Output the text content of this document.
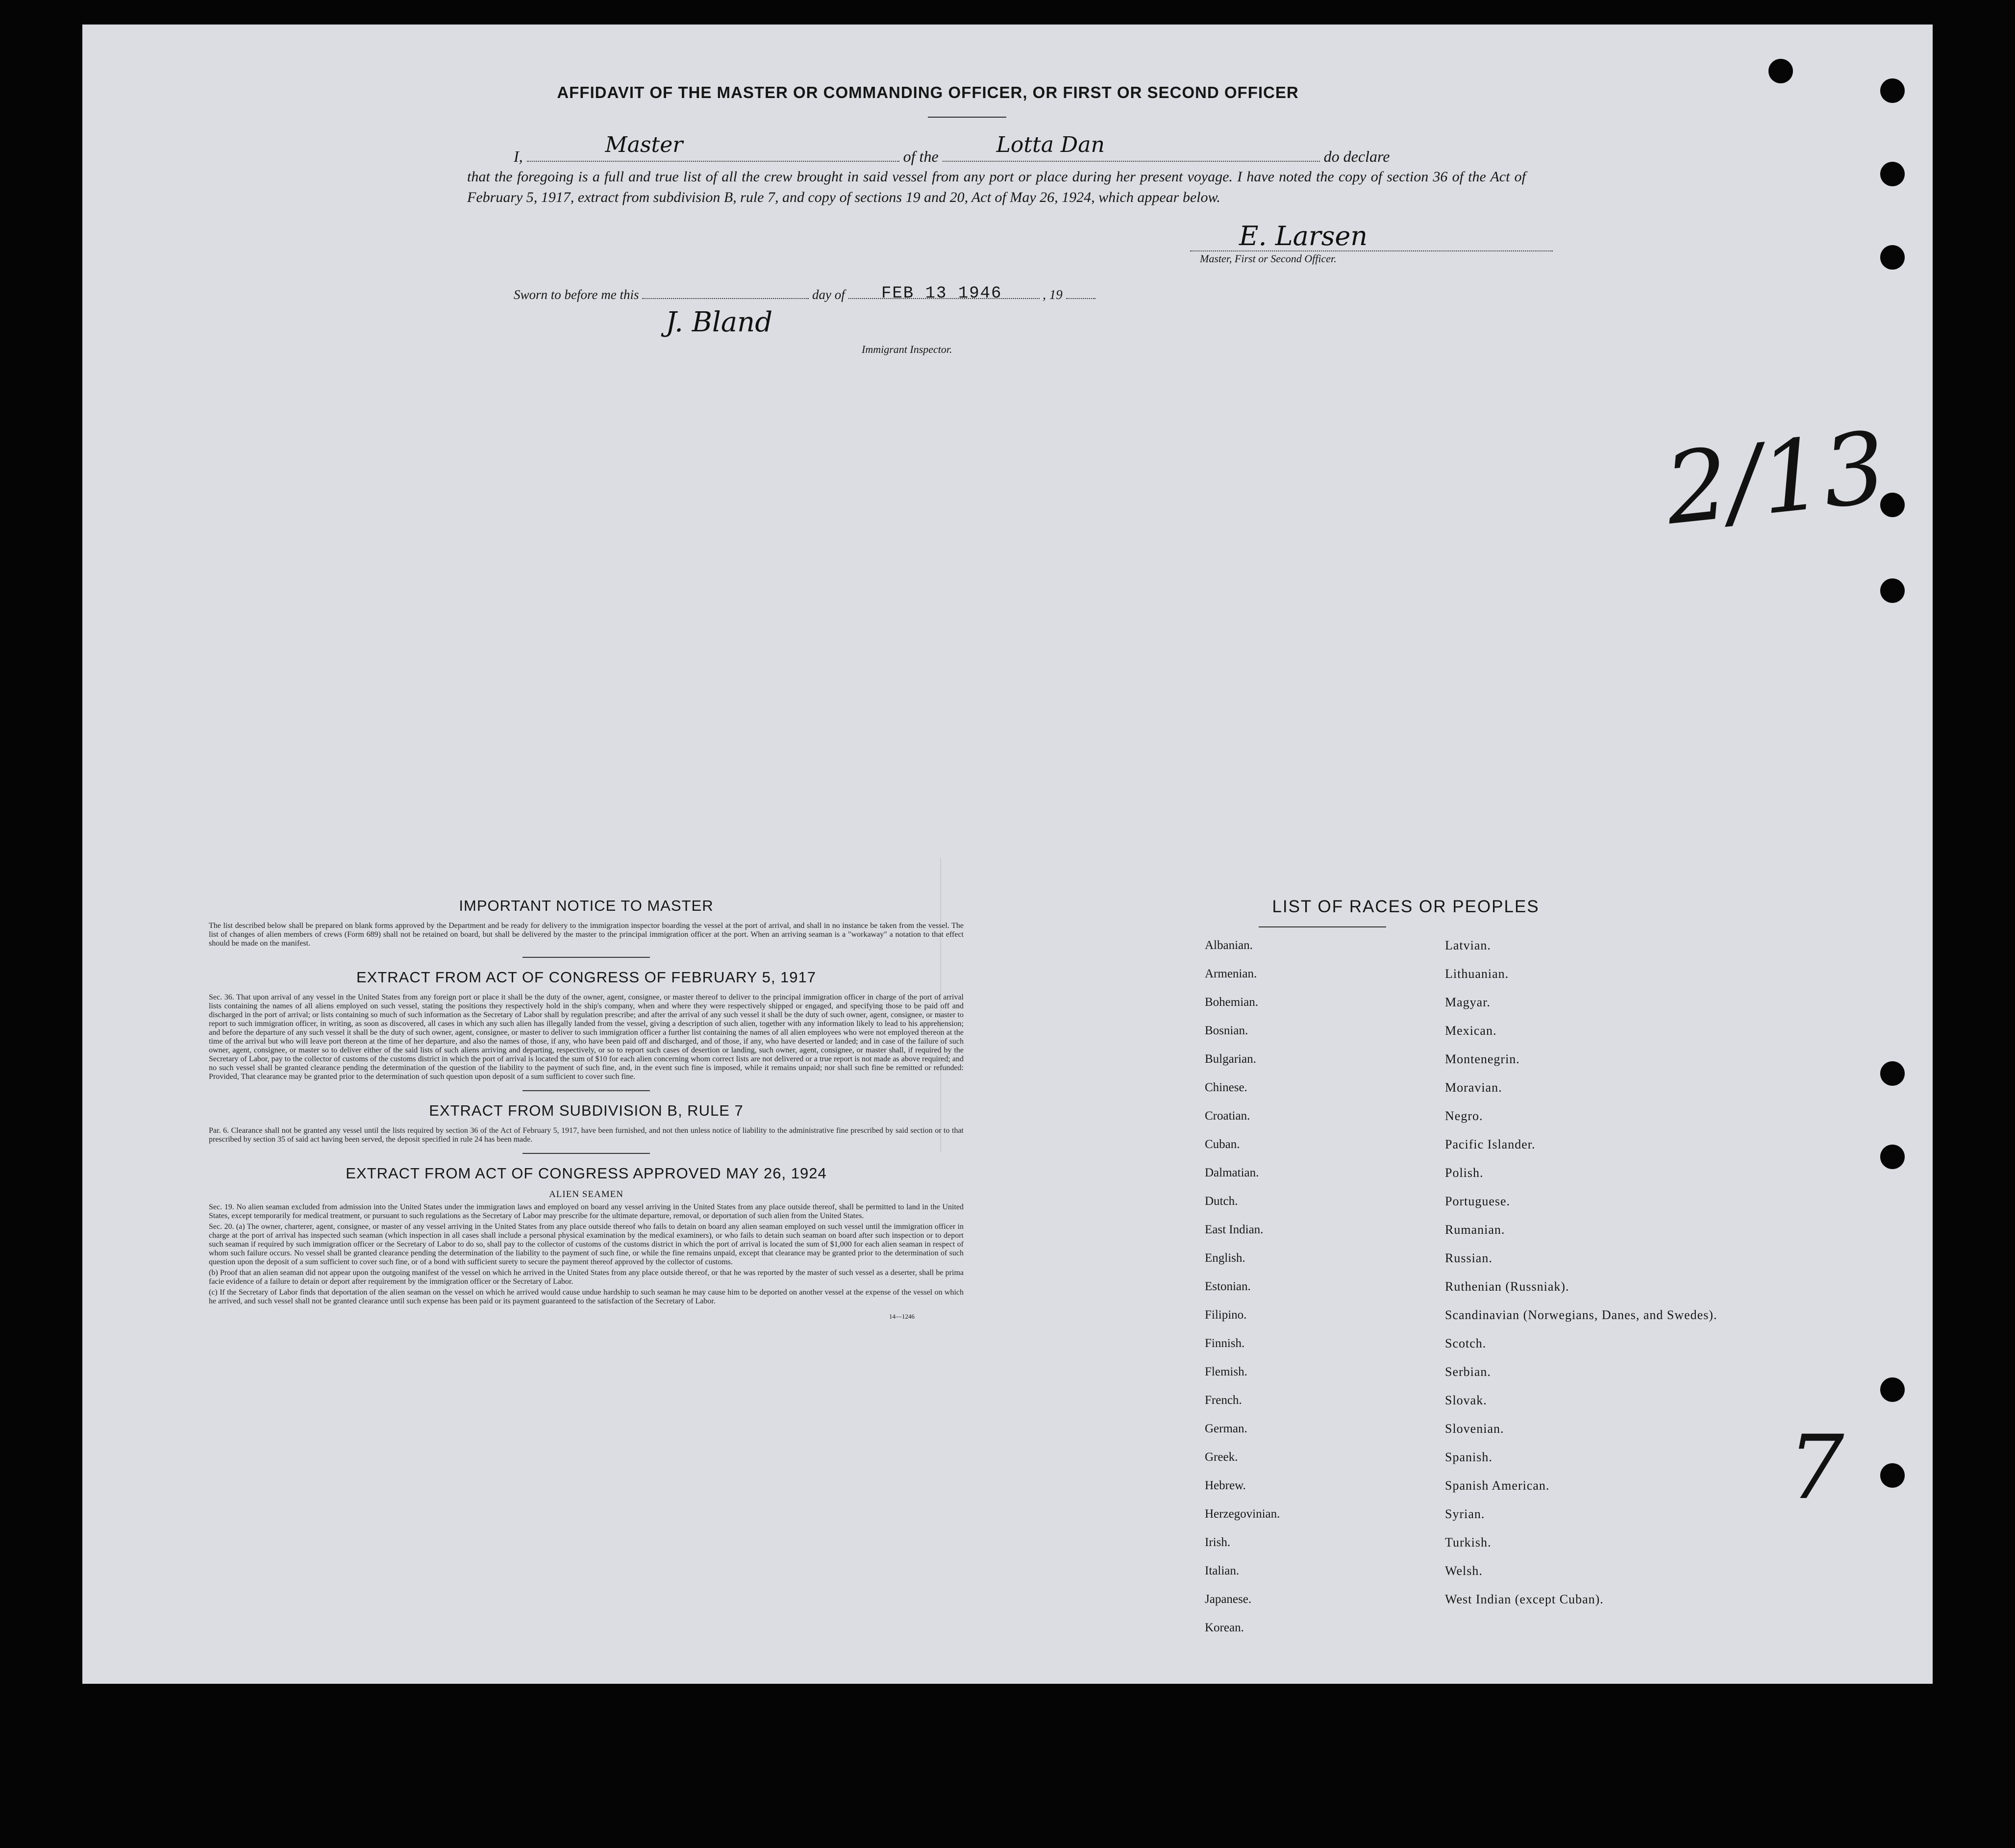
AFFIDAVIT OF THE MASTER OR COMMANDING OFFICER, OR FIRST OR SECOND OFFICER
I,	Master	of the	Lotta Dan	do declare

that the foregoing is a full and true list of all the crew brought in said vessel from any port or place during her present voyage. I have noted the copy of section 36 of the Act of February 5, 1917, extract from subdivision B, rule 7, and copy of sections 19 and 20, Act of May 26, 1924, which appear below.

E. Larsen
Master, First or Second Officer.
Sworn to before me this	day of	, 19
FEB 13 1946
J. Bland
Immigrant Inspector.
2/13
7
IMPORTANT NOTICE TO MASTER

The list described below shall be prepared on blank forms approved by the Department and be ready for delivery to the immigration inspector boarding the vessel at the port of arrival, and shall in no instance be taken from the vessel. The list of changes of alien members of crews (Form 689) shall not be retained on board, but shall be delivered by the master to the principal immigration officer at the port. When an arriving seaman is a "workaway" a notation to that effect should be made on the manifest.

EXTRACT FROM ACT OF CONGRESS OF FEBRUARY 5, 1917

Sec. 36. That upon arrival of any vessel in the United States from any foreign port or place it shall be the duty of the owner, agent, consignee, or master thereof to deliver to the principal immigration officer in charge of the port of arrival lists containing the names of all aliens employed on such vessel, stating the positions they respectively hold in the ship's company, when and where they were respectively shipped or engaged, and specifying those to be paid off and discharged in the port of arrival; or lists containing so much of such information as the Secretary of Labor shall by regulation prescribe; and after the arrival of any such vessel it shall be the duty of such owner, agent, consignee, or master to report to such immigration officer, in writing, as soon as discovered, all cases in which any such alien has illegally landed from the vessel, giving a description of such alien, together with any information likely to lead to his apprehension; and before the departure of any such vessel it shall be the duty of such owner, agent, consignee, or master to deliver to such immigration officer a further list containing the names of all alien employees who were not employed thereon at the time of the arrival but who will leave port thereon at the time of her departure, and also the names of those, if any, who have been paid off and discharged, and of those, if any, who have deserted or landed; and in case of the failure of such owner, agent, consignee, or master so to deliver either of the said lists of such aliens arriving and departing, respectively, or so to report such cases of desertion or landing, such owner, agent, consignee, or master shall, if required by the Secretary of Labor, pay to the collector of customs of the customs district in which the port of arrival is located the sum of $10 for each alien concerning whom correct lists are not delivered or a true report is not made as above required; and no such vessel shall be granted clearance pending the determination of the question of the liability to the payment of such fine, and, in the event such fine is imposed, while it remains unpaid; nor shall such fine be remitted or refunded: Provided, That clearance may be granted prior to the determination of such question upon deposit of a sum sufficient to cover such fine.

EXTRACT FROM SUBDIVISION B, RULE 7

Par. 6. Clearance shall not be granted any vessel until the lists required by section 36 of the Act of February 5, 1917, have been furnished, and not then unless notice of liability to the administrative fine prescribed by said section or to that prescribed by section 35 of said act having been served, the deposit specified in rule 24 has been made.

EXTRACT FROM ACT OF CONGRESS APPROVED MAY 26, 1924
ALIEN SEAMEN

Sec. 19. No alien seaman excluded from admission into the United States under the immigration laws and employed on board any vessel arriving in the United States from any place outside thereof, shall be permitted to land in the United States, except temporarily for medical treatment, or pursuant to such regulations as the Secretary of Labor may prescribe for the ultimate departure, removal, or deportation of such alien from the United States.

Sec. 20. (a) The owner, charterer, agent, consignee, or master of any vessel arriving in the United States from any place outside thereof who fails to detain on board any alien seaman employed on such vessel until the immigration officer in charge at the port of arrival has inspected such seaman (which inspection in all cases shall include a personal physical examination by the medical examiners), or who fails to detain such seaman on board after such inspection or to deport such seaman if required by such immigration officer or the Secretary of Labor to do so, shall pay to the collector of customs of the customs district in which the port of arrival is located the sum of $1,000 for each alien seaman in respect of whom such failure occurs. No vessel shall be granted clearance pending the determination of the liability to the payment of such fine, or while the fine remains unpaid, except that clearance may be granted prior to the determination of such question upon the deposit of a sum sufficient to cover such fine, or of a bond with sufficient surety to secure the payment thereof approved by the collector of customs.

(b) Proof that an alien seaman did not appear upon the outgoing manifest of the vessel on which he arrived in the United States from any place outside thereof, or that he was reported by the master of such vessel as a deserter, shall be prima facie evidence of a failure to detain or deport after requirement by the immigration officer or the Secretary of Labor.

(c) If the Secretary of Labor finds that deportation of the alien seaman on the vessel on which he arrived would cause undue hardship to such seaman he may cause him to be deported on another vessel at the expense of the vessel on which he arrived, and such vessel shall not be granted clearance until such expense has been paid or its payment guaranteed to the satisfaction of the Secretary of Labor.

14—1246
LIST OF RACES OR PEOPLES
Albanian.
Armenian.
Bohemian.
Bosnian.
Bulgarian.
Chinese.
Croatian.
Cuban.
Dalmatian.
Dutch.
East Indian.
English.
Estonian.
Filipino.
Finnish.
Flemish.
French.
German.
Greek.
Hebrew.
Herzegovinian.
Irish.
Italian.
Japanese.
Korean.
Latvian.
Lithuanian.
Magyar.
Mexican.
Montenegrin.
Moravian.
Negro.
Pacific Islander.
Polish.
Portuguese.
Rumanian.
Russian.
Ruthenian (Russniak).
Scandinavian (Norwegians, Danes, and Swedes).
Scotch.
Serbian.
Slovak.
Slovenian.
Spanish.
Spanish American.
Syrian.
Turkish.
Welsh.
West Indian (except Cuban).
